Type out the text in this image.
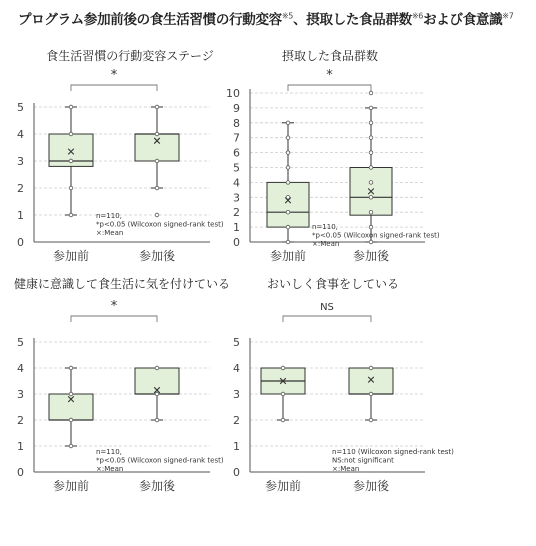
プログラム参加前後の食生活習慣の行動変容$^{※5}$、摂取した食品群数$^{※6}$および食意識$^{※7}$
食生活習慣の行動変容ステージ
0
1
2
3
4
5
参加前	参加後
*
n=110,
*p<0.05 (Wilcoxon signed-rank test)
×:Mean
摂取した食品群数
0
1
2
3
4
5
6
7
8
9
10
参加前	参加後
*
n=110,
*p<0.05 (Wilcoxon signed-rank test)
×:Mean
健康に意識して食生活に気を付けている
0
1
2
3
4
5
参加前	参加後
*
n=110,
*p<0.05 (Wilcoxon signed-rank test)
×:Mean
おいしく食事をしている
0
1
2
3
4
5
参加前	参加後
NS
n=110 (Wilcoxon signed-rank test)
NS:not significant
×:Mean
